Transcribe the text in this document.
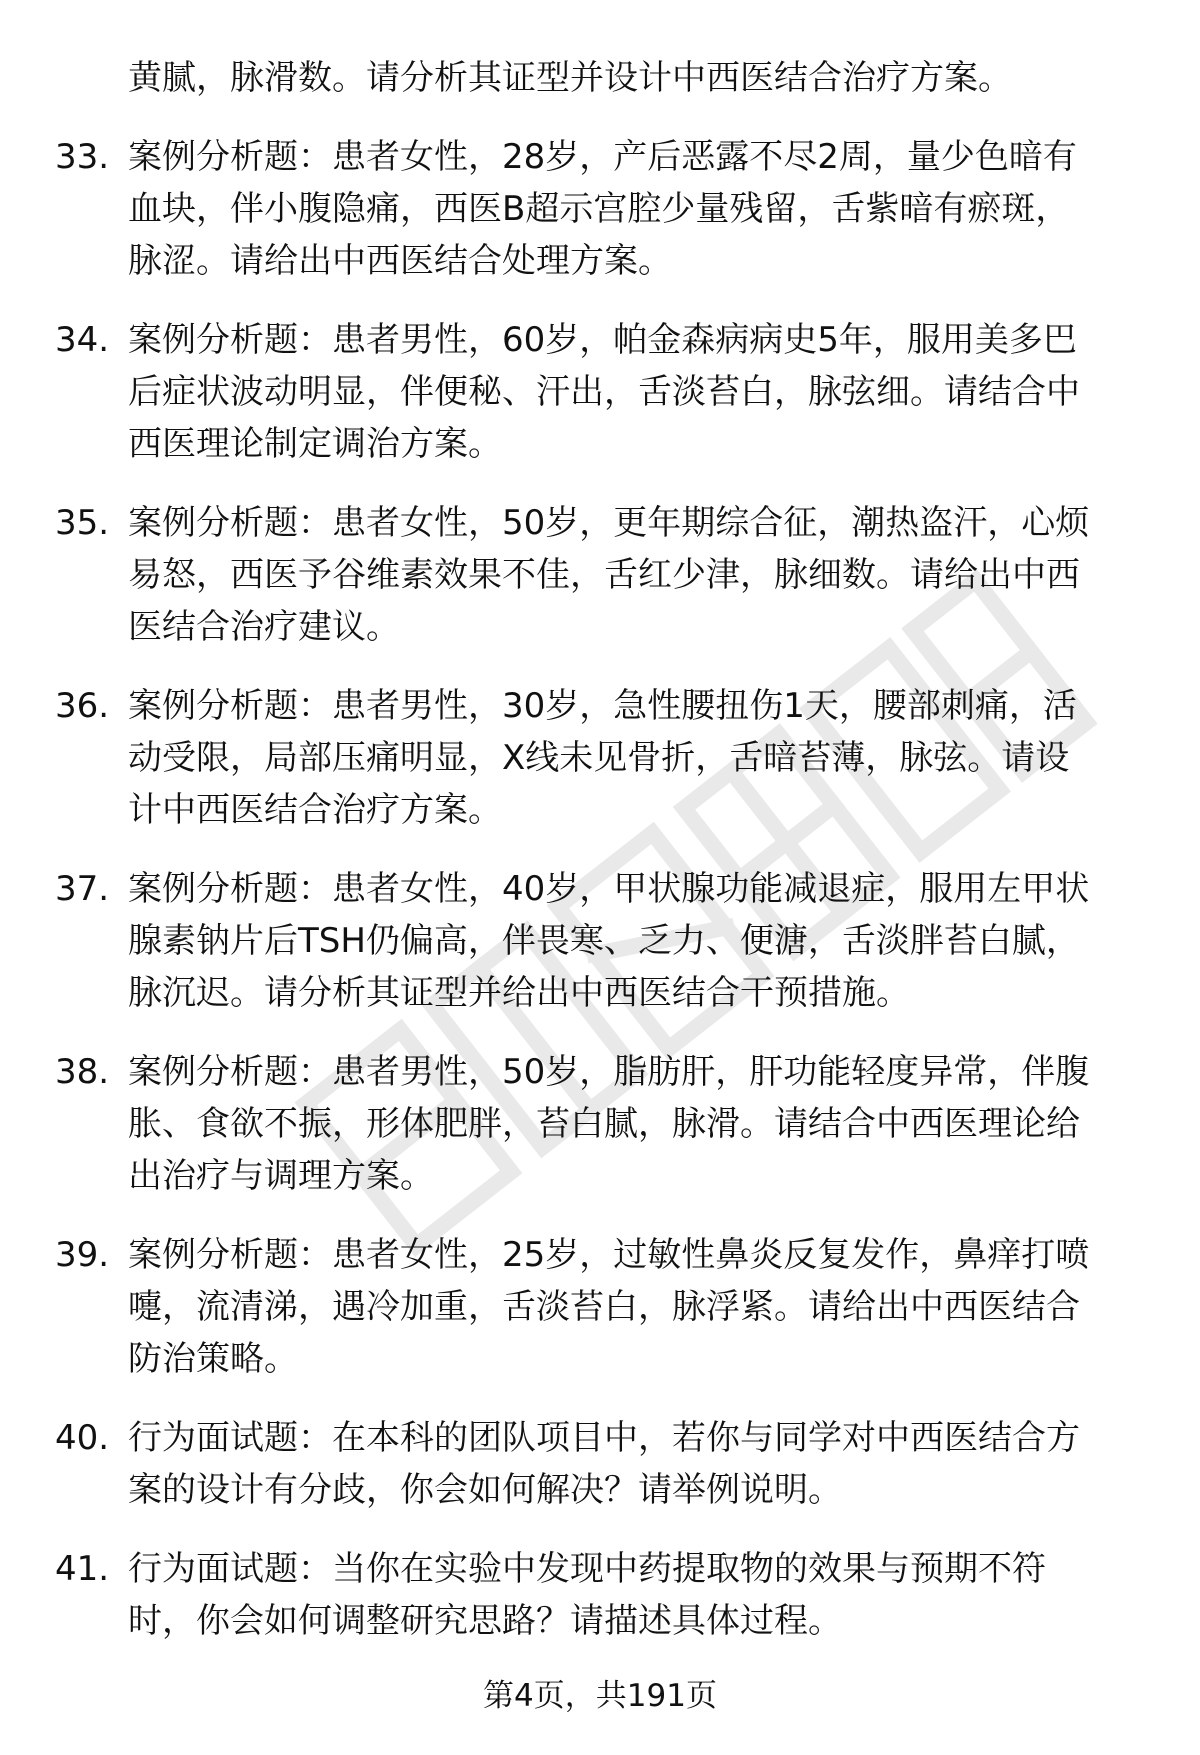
黄腻，脉滑数。请分析其证型并设计中西医结合治疗方案。
33. 案例分析题：患者女性，28岁，产后恶露不尽2周，量少色暗有
血块，伴小腹隐痛，西医B超示宫腔少量残留，舌紫暗有瘀斑，
脉涩。请给出中西医结合处理方案。
34. 案例分析题：患者男性，60岁，帕金森病病史5年，服用美多巴
后症状波动明显，伴便秘、汗出，舌淡苔白，脉弦细。请结合中
西医理论制定调治方案。
35. 案例分析题：患者女性，50岁，更年期综合征，潮热盗汗，心烦
易怒，西医予谷维素效果不佳，舌红少津，脉细数。请给出中西
医结合治疗建议。
36. 案例分析题：患者男性，30岁，急性腰扭伤1天，腰部刺痛，活
动受限，局部压痛明显，X线未见骨折，舌暗苔薄，脉弦。请设
计中西医结合治疗方案。
37. 案例分析题：患者女性，40岁，甲状腺功能减退症，服用左甲状
腺素钠片后TSH仍偏高，伴畏寒、乏力、便溏，舌淡胖苔白腻，
脉沉迟。请分析其证型并给出中西医结合干预措施。
38. 案例分析题：患者男性，50岁，脂肪肝，肝功能轻度异常，伴腹
胀、食欲不振，形体肥胖，苔白腻，脉滑。请结合中西医理论给
出治疗与调理方案。
39. 案例分析题：患者女性，25岁，过敏性鼻炎反复发作，鼻痒打喷
嚏，流清涕，遇冷加重，舌淡苔白，脉浮紧。请给出中西医结合
防治策略。
40. 行为面试题：在本科的团队项目中，若你与同学对中西医结合方
案的设计有分歧，你会如何解决？请举例说明。
41. 行为面试题：当你在实验中发现中药提取物的效果与预期不符
时，你会如何调整研究思路？请描述具体过程。
第4页，共191页
